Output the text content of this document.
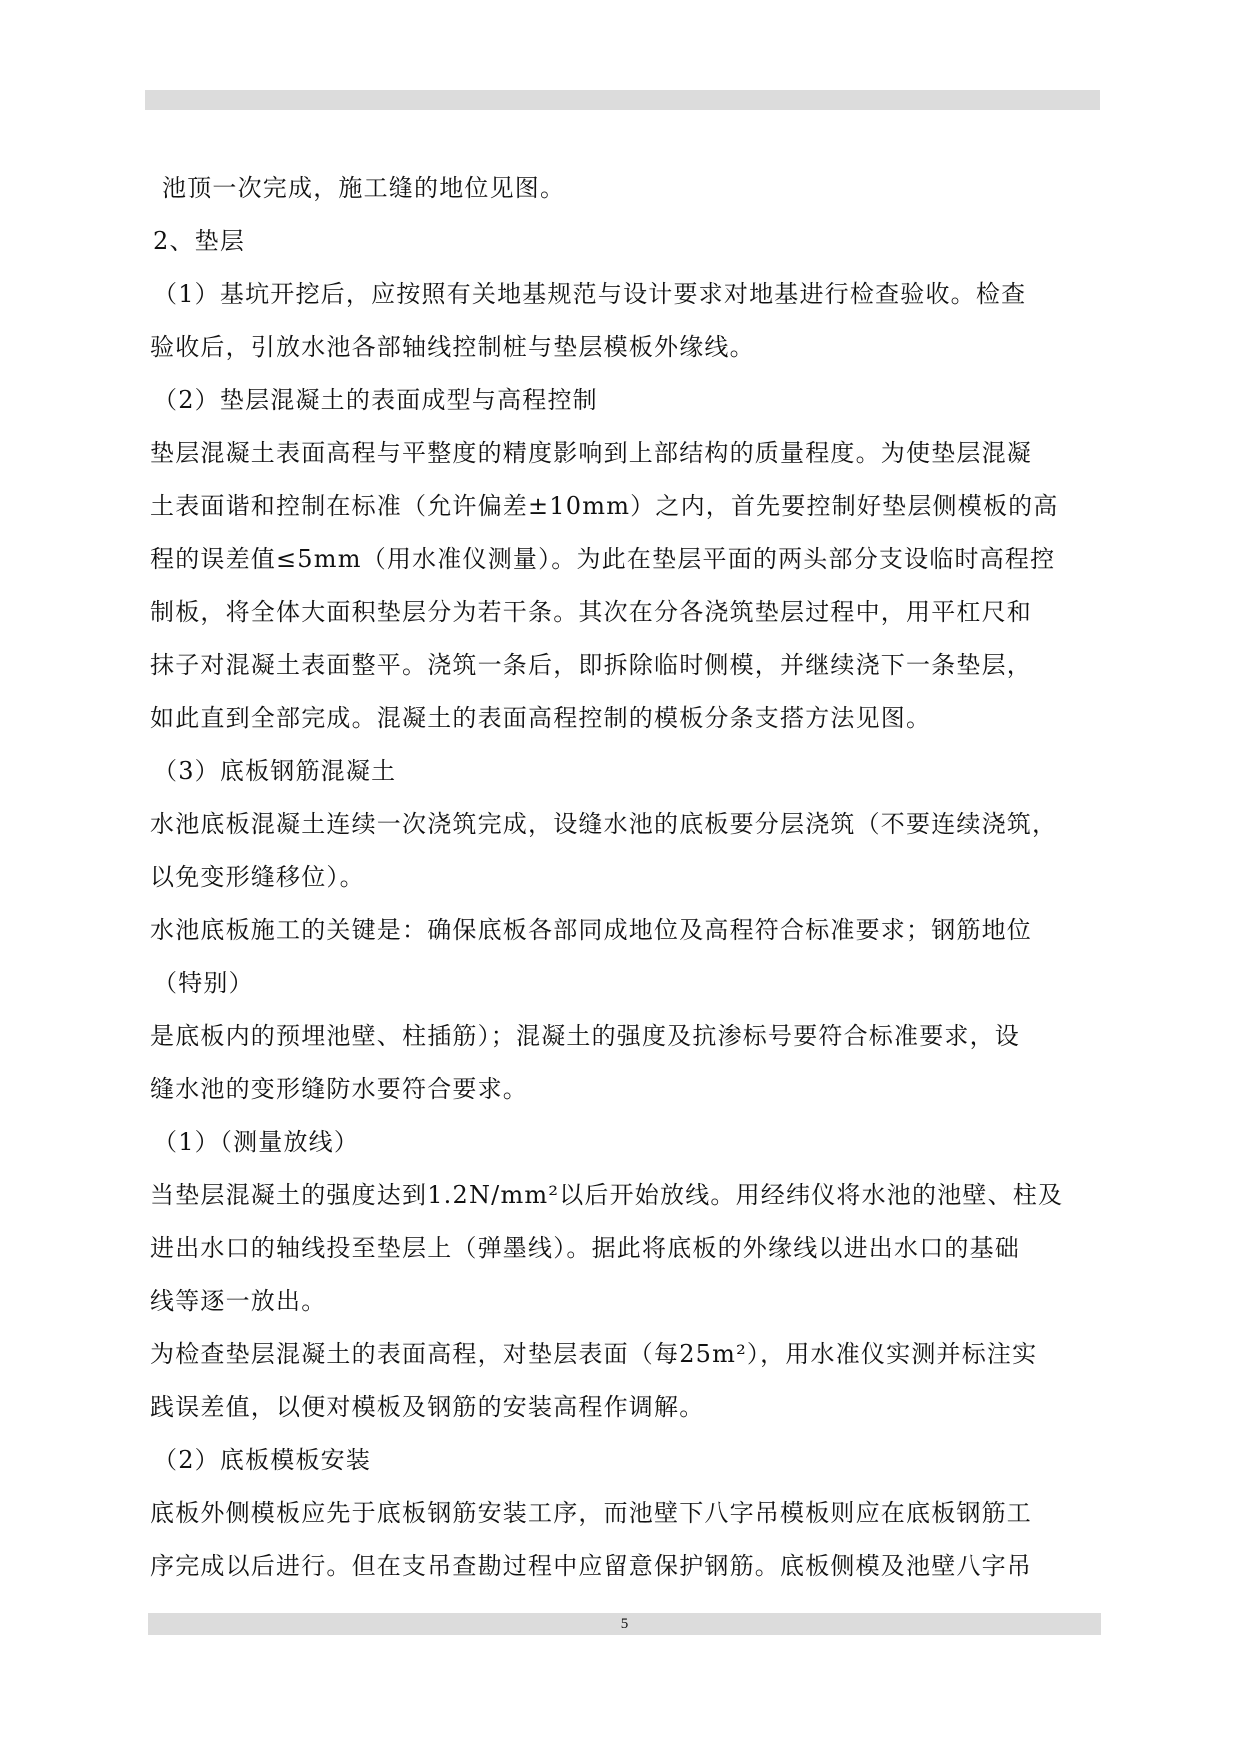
池顶一次完成，施工缝的地位见图。
2、垫层
（1）基坑开挖后，应按照有关地基规范与设计要求对地基进行检查验收。检查
验收后，引放水池各部轴线控制桩与垫层模板外缘线。
（2）垫层混凝土的表面成型与高程控制
垫层混凝土表面高程与平整度的精度影响到上部结构的质量程度。为使垫层混凝
土表面谐和控制在标准（允许偏差±10mm）之内，首先要控制好垫层侧模板的高
程的误差值≤5mm（用水准仪测量）。为此在垫层平面的两头部分支设临时高程控
制板，将全体大面积垫层分为若干条。其次在分各浇筑垫层过程中，用平杠尺和
抹子对混凝土表面整平。浇筑一条后，即拆除临时侧模，并继续浇下一条垫层，
如此直到全部完成。混凝土的表面高程控制的模板分条支搭方法见图。
（3）底板钢筋混凝土
水池底板混凝土连续一次浇筑完成，设缝水池的底板要分层浇筑（不要连续浇筑，
以免变形缝移位）。
水池底板施工的关键是：确保底板各部同成地位及高程符合标准要求；钢筋地位
（特别）
是底板内的预埋池壁、柱插筋）；混凝土的强度及抗渗标号要符合标准要求，设
缝水池的变形缝防水要符合要求。
（1）（测量放线）
当垫层混凝土的强度达到1.2N/mm²以后开始放线。用经纬仪将水池的池壁、柱及
进出水口的轴线投至垫层上（弹墨线）。据此将底板的外缘线以进出水口的基础
线等逐一放出。
为检查垫层混凝土的表面高程，对垫层表面（每25m²），用水准仪实测并标注实
践误差值，以便对模板及钢筋的安装高程作调解。
（2）底板模板安装
底板外侧模板应先于底板钢筋安装工序，而池壁下八字吊模板则应在底板钢筋工
序完成以后进行。但在支吊查勘过程中应留意保护钢筋。底板侧模及池壁八字吊
5
